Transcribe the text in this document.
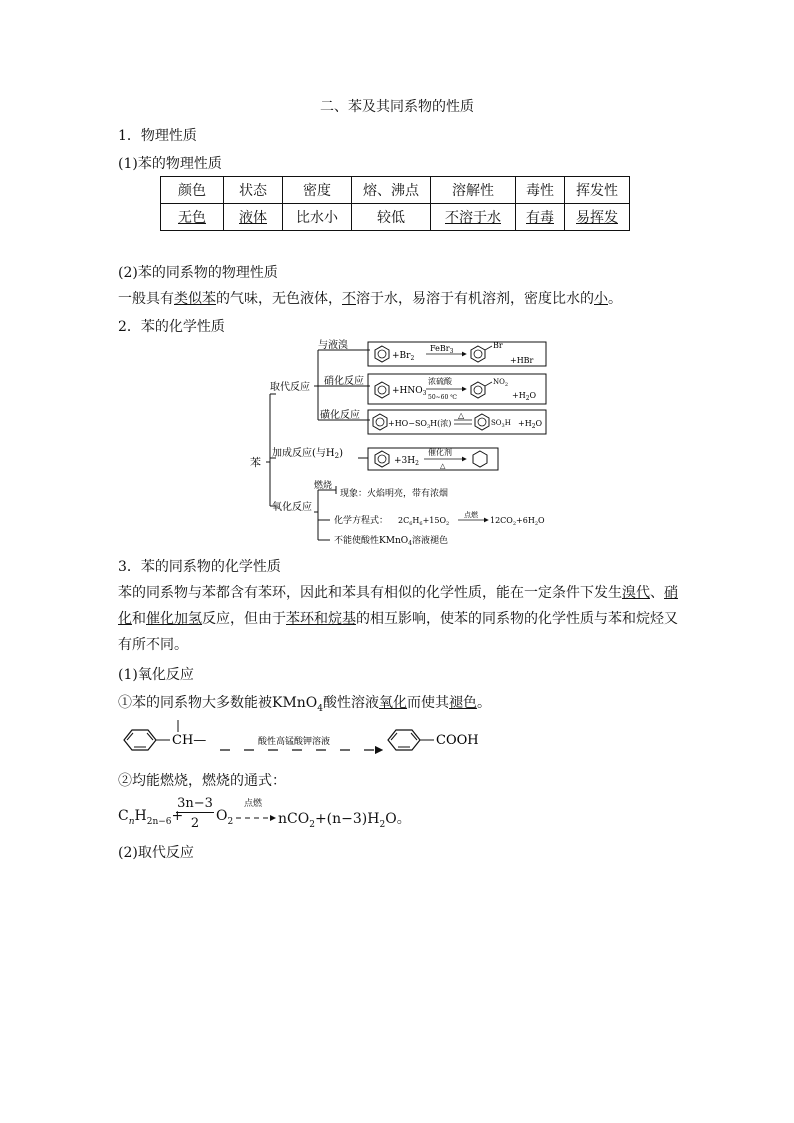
二、苯及其同系物的性质
1．物理性质
(1)苯的物理性质
颜色	状态	密度	熔、沸点	溶解性	毒性	挥发性
无色	液体	比水小	较低	不溶于水	有毒	易挥发
(2)苯的同系物的物理性质
一般具有类似苯的气味，无色液体，不溶于水，易溶于有机溶剂，密度比水的小。
2．苯的化学性质
苯
取代反应
与液溴
硝化反应
磺化反应
加成反应(与$H_2$)
氧化反应
$+Br_2$
FeBr$_3$
Br
+HBr
$+HNO_3$
浓硫酸
50~60 ℃
$NO_2$
$+H_2O$
$+HO-SO_3H$(浓)
△
$SO_3H +H_2O$
$+3H_2$
催化剂
△
燃烧
现象：火焰明亮，带有浓烟
化学方程式： $2C_6H_6+15O_2$
点燃
$12CO_2+6H_2O$
不能使酸性KMnO$_4$溶液褪色
3．苯的同系物的化学性质
苯的同系物与苯都含有苯环，因此和苯具有相似的化学性质，能在一定条件下发生溴代、硝化和催化加氢反应，但由于苯环和烷基的相互影响，使苯的同系物的化学性质与苯和烷烃又有所不同。
(1)氧化反应
①苯的同系物大多数能被KMnO$_4$酸性溶液氧化而使其褪色。
CH—	酸性高锰酸钾溶液	COOH
②均能燃烧，燃烧的通式：
$C_nH_{2n-6}+$
3n−3
2	$O_2$
点燃
$nCO_2+(n-3)H_2O$。
(2)取代反应
